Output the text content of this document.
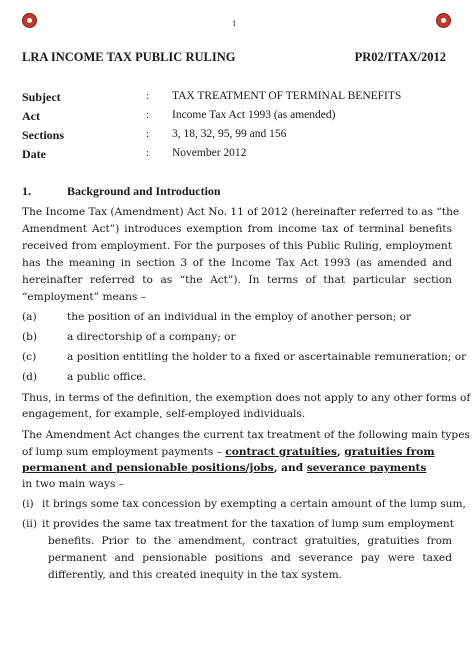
1
LRA INCOME TAX PUBLIC RULING	PR02/ITAX/2012
Subject	: TAX TREATMENT OF TERMINAL BENEFITS
Act	: Income Tax Act 1993 (as amended)
Sections	: 3, 18, 32, 95, 99 and 156
Date	: November 2012
1.	Background and Introduction
The Income Tax (Amendment) Act No. 11 of 2012 (hereinafter referred to as “the
Amendment Act”) introduces exemption from income tax of terminal benefits
received from employment. For the purposes of this Public Ruling, employment
has the meaning in section 3 of the Income Tax Act 1993 (as amended and
hereinafter referred to as “the Act”). In terms of that particular section
“employment” means –
(a)	the position of an individual in the employ of another person; or
(b)	a directorship of a company; or
(c)	a position entitling the holder to a fixed or ascertainable remuneration; or
(d)	a public office.
Thus, in terms of the definition, the exemption does not apply to any other forms of
engagement, for example, self-employed individuals.
The Amendment Act changes the current tax treatment of the following main types
of lump sum employment payments – contract gratuities, gratuities from
permanent and pensionable positions/jobs, and severance payments
in two main ways –
(i) it brings some tax concession by exempting a certain amount of the lump sum,
(ii) it provides the same tax treatment for the taxation of lump sum employment
benefits. Prior to the amendment, contract gratuities, gratuities from
permanent and pensionable positions and severance pay were taxed
differently, and this created inequity in the tax system.
